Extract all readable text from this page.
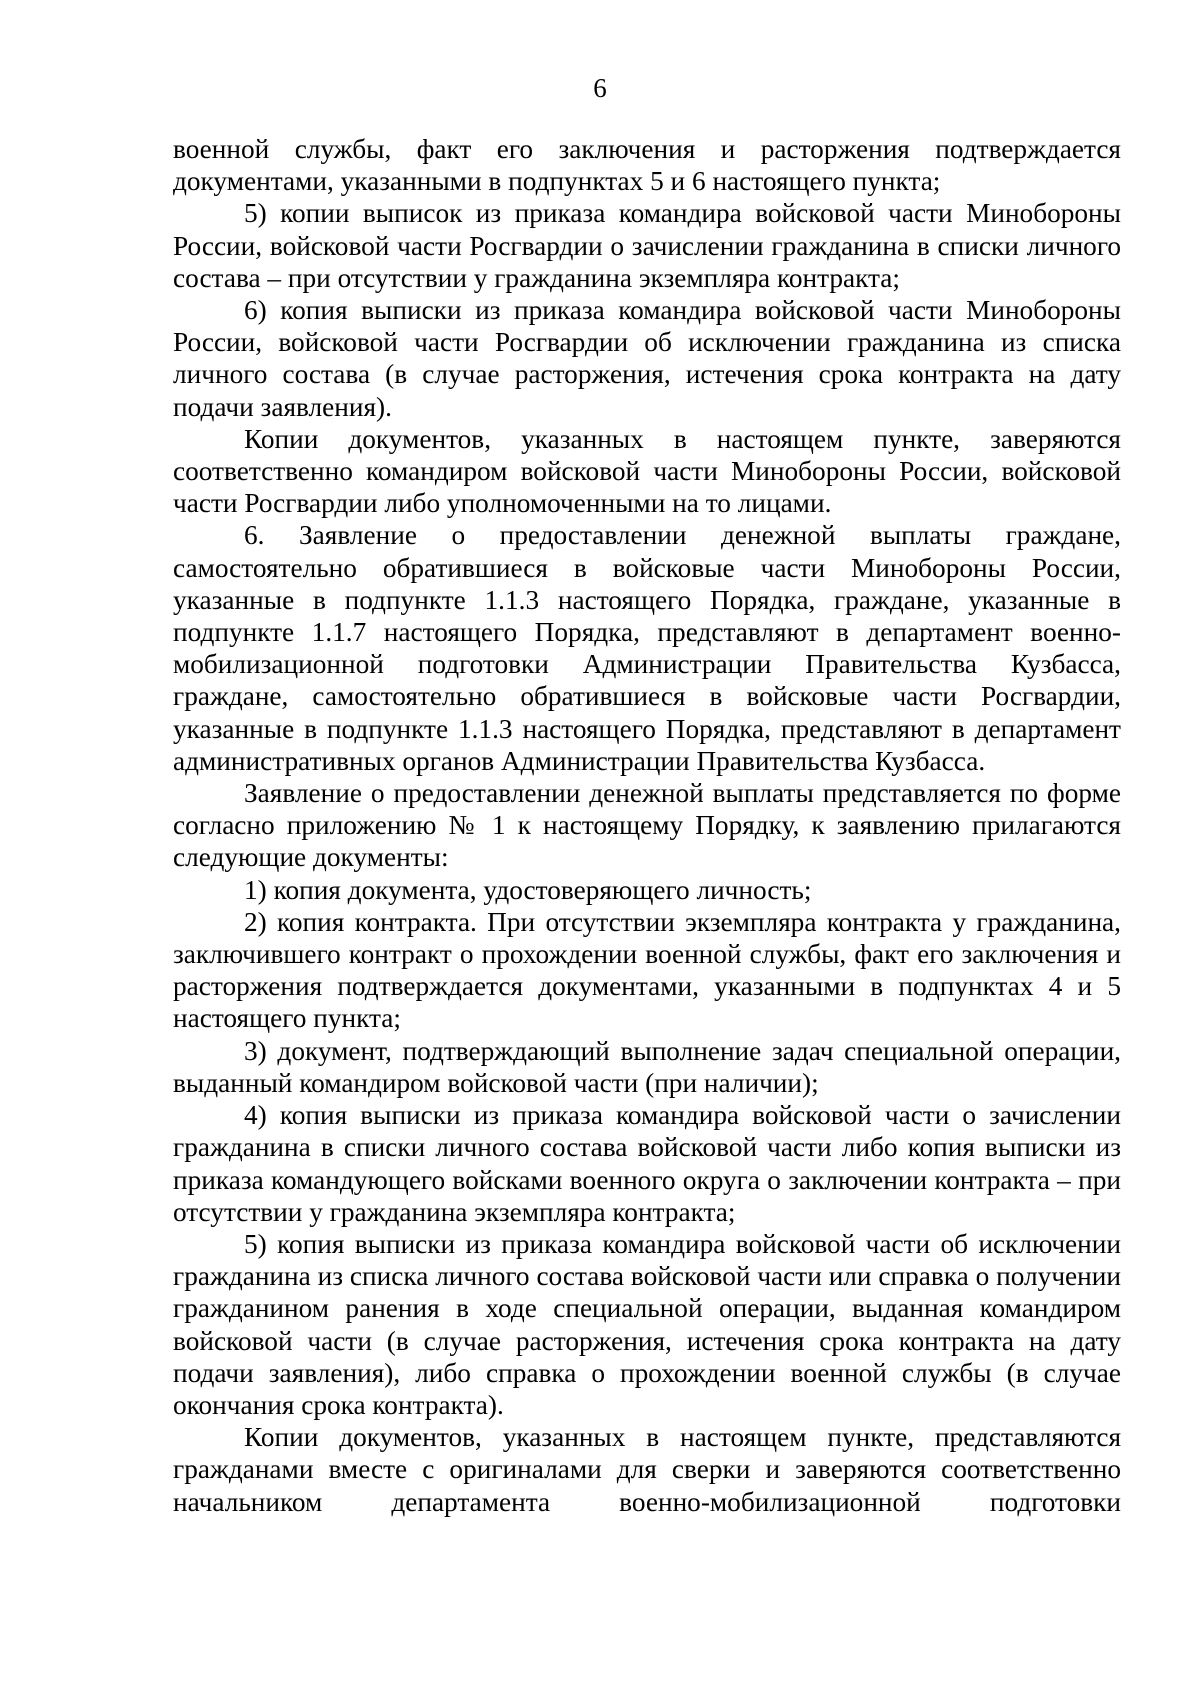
6

военной службы, факт его заключения и расторжения подтверждается документами, указанными в подпунктах 5 и 6 настоящего пункта;

5) копии выписок из приказа командира войсковой части Минобороны России, войсковой части Росгвардии о зачислении гражданина в списки личного состава – при отсутствии у гражданина экземпляра контракта;

6) копия выписки из приказа командира войсковой части Минобороны России, войсковой части Росгвардии об исключении гражданина из списка личного состава (в случае расторжения, истечения срока контракта на дату подачи заявления).

Копии документов, указанных в настоящем пункте, заверяются соответственно командиром войсковой части Минобороны России, войсковой части Росгвардии либо уполномоченными на то лицами.

6. Заявление о предоставлении денежной выплаты граждане, самостоятельно обратившиеся в войсковые части Минобороны России, указанные в подпункте 1.1.3 настоящего Порядка, граждане, указанные в подпункте 1.1.7 настоящего Порядка, представляют в департамент военно-мобилизационной подготовки Администрации Правительства Кузбасса, граждане, самостоятельно обратившиеся в войсковые части Росгвардии, указанные в подпункте 1.1.3 настоящего Порядка, представляют в департамент административных органов Администрации Правительства Кузбасса.

Заявление о предоставлении денежной выплаты представляется по форме согласно приложению № 1 к настоящему Порядку, к заявлению прилагаются следующие документы:

1) копия документа, удостоверяющего личность;

2) копия контракта. При отсутствии экземпляра контракта у гражданина, заключившего контракт о прохождении военной службы, факт его заключения и расторжения подтверждается документами, указанными в подпунктах 4 и 5 настоящего пункта;

3) документ, подтверждающий выполнение задач специальной операции, выданный командиром войсковой части (при наличии);

4) копия выписки из приказа командира войсковой части о зачислении гражданина в списки личного состава войсковой части либо копия выписки из приказа командующего войсками военного округа о заключении контракта – при отсутствии у гражданина экземпляра контракта;

5) копия выписки из приказа командира войсковой части об исключении гражданина из списка личного состава войсковой части или справка о получении гражданином ранения в ходе специальной операции, выданная командиром войсковой части (в случае расторжения, истечения срока контракта на дату подачи заявления), либо справка о прохождении военной службы (в случае окончания срока контракта).

Копии документов, указанных в настоящем пункте, представляются гражданами вместе с оригиналами для сверки и заверяются соответственно начальником департамента военно-мобилизационной подготовки
